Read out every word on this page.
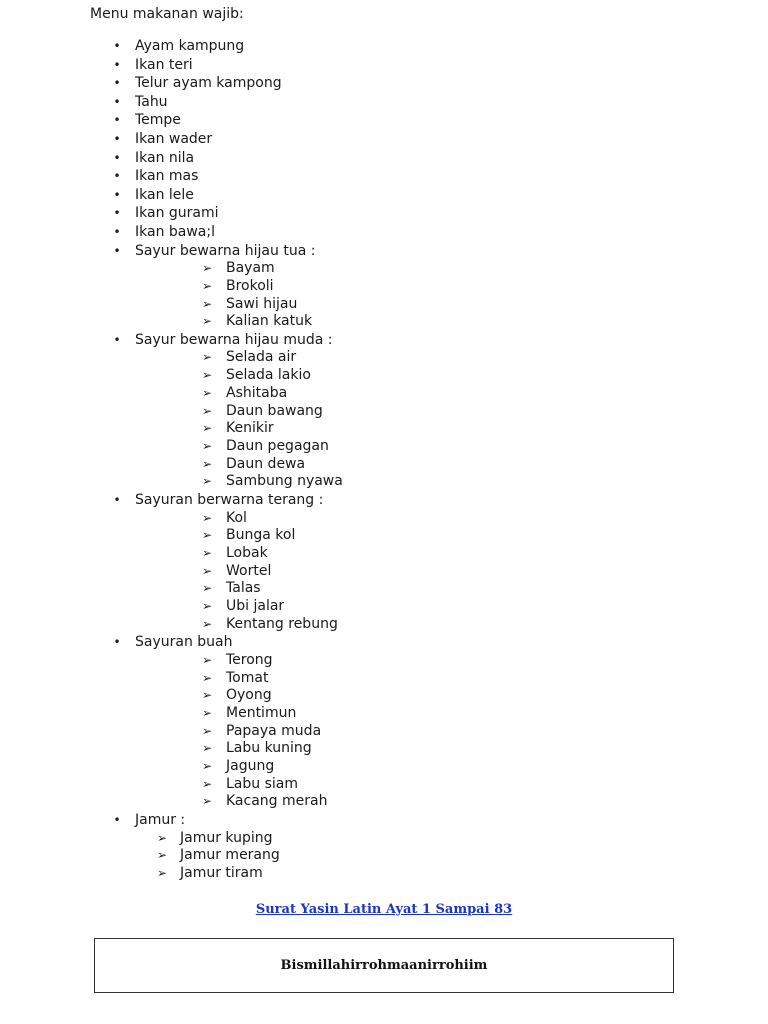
Menu makanan wajib:
• Ayam kampung
• Ikan teri
• Telur ayam kampong
• Tahu
• Tempe
• Ikan wader
• Ikan nila
• Ikan mas
• Ikan lele
• Ikan gurami
• Ikan bawa;l
• Sayur bewarna hijau tua :
➢ Bayam
➢ Brokoli
➢ Sawi hijau
➢ Kalian katuk
• Sayur bewarna hijau muda :
➢ Selada air
➢ Selada lakio
➢ Ashitaba
➢ Daun bawang
➢ Kenikir
➢ Daun pegagan
➢ Daun dewa
➢ Sambung nyawa
• Sayuran berwarna terang :
➢ Kol
➢ Bunga kol
➢ Lobak
➢ Wortel
➢ Talas
➢ Ubi jalar
➢ Kentang rebung
• Sayuran buah
➢ Terong
➢ Tomat
➢ Oyong
➢ Mentimun
➢ Papaya muda
➢ Labu kuning
➢ Jagung
➢ Labu siam
➢ Kacang merah
• Jamur :
➢ Jamur kuping
➢ Jamur merang
➢ Jamur tiram
Surat Yasin Latin Ayat 1 Sampai 83
Bismillahirrohmaanirrohiim
